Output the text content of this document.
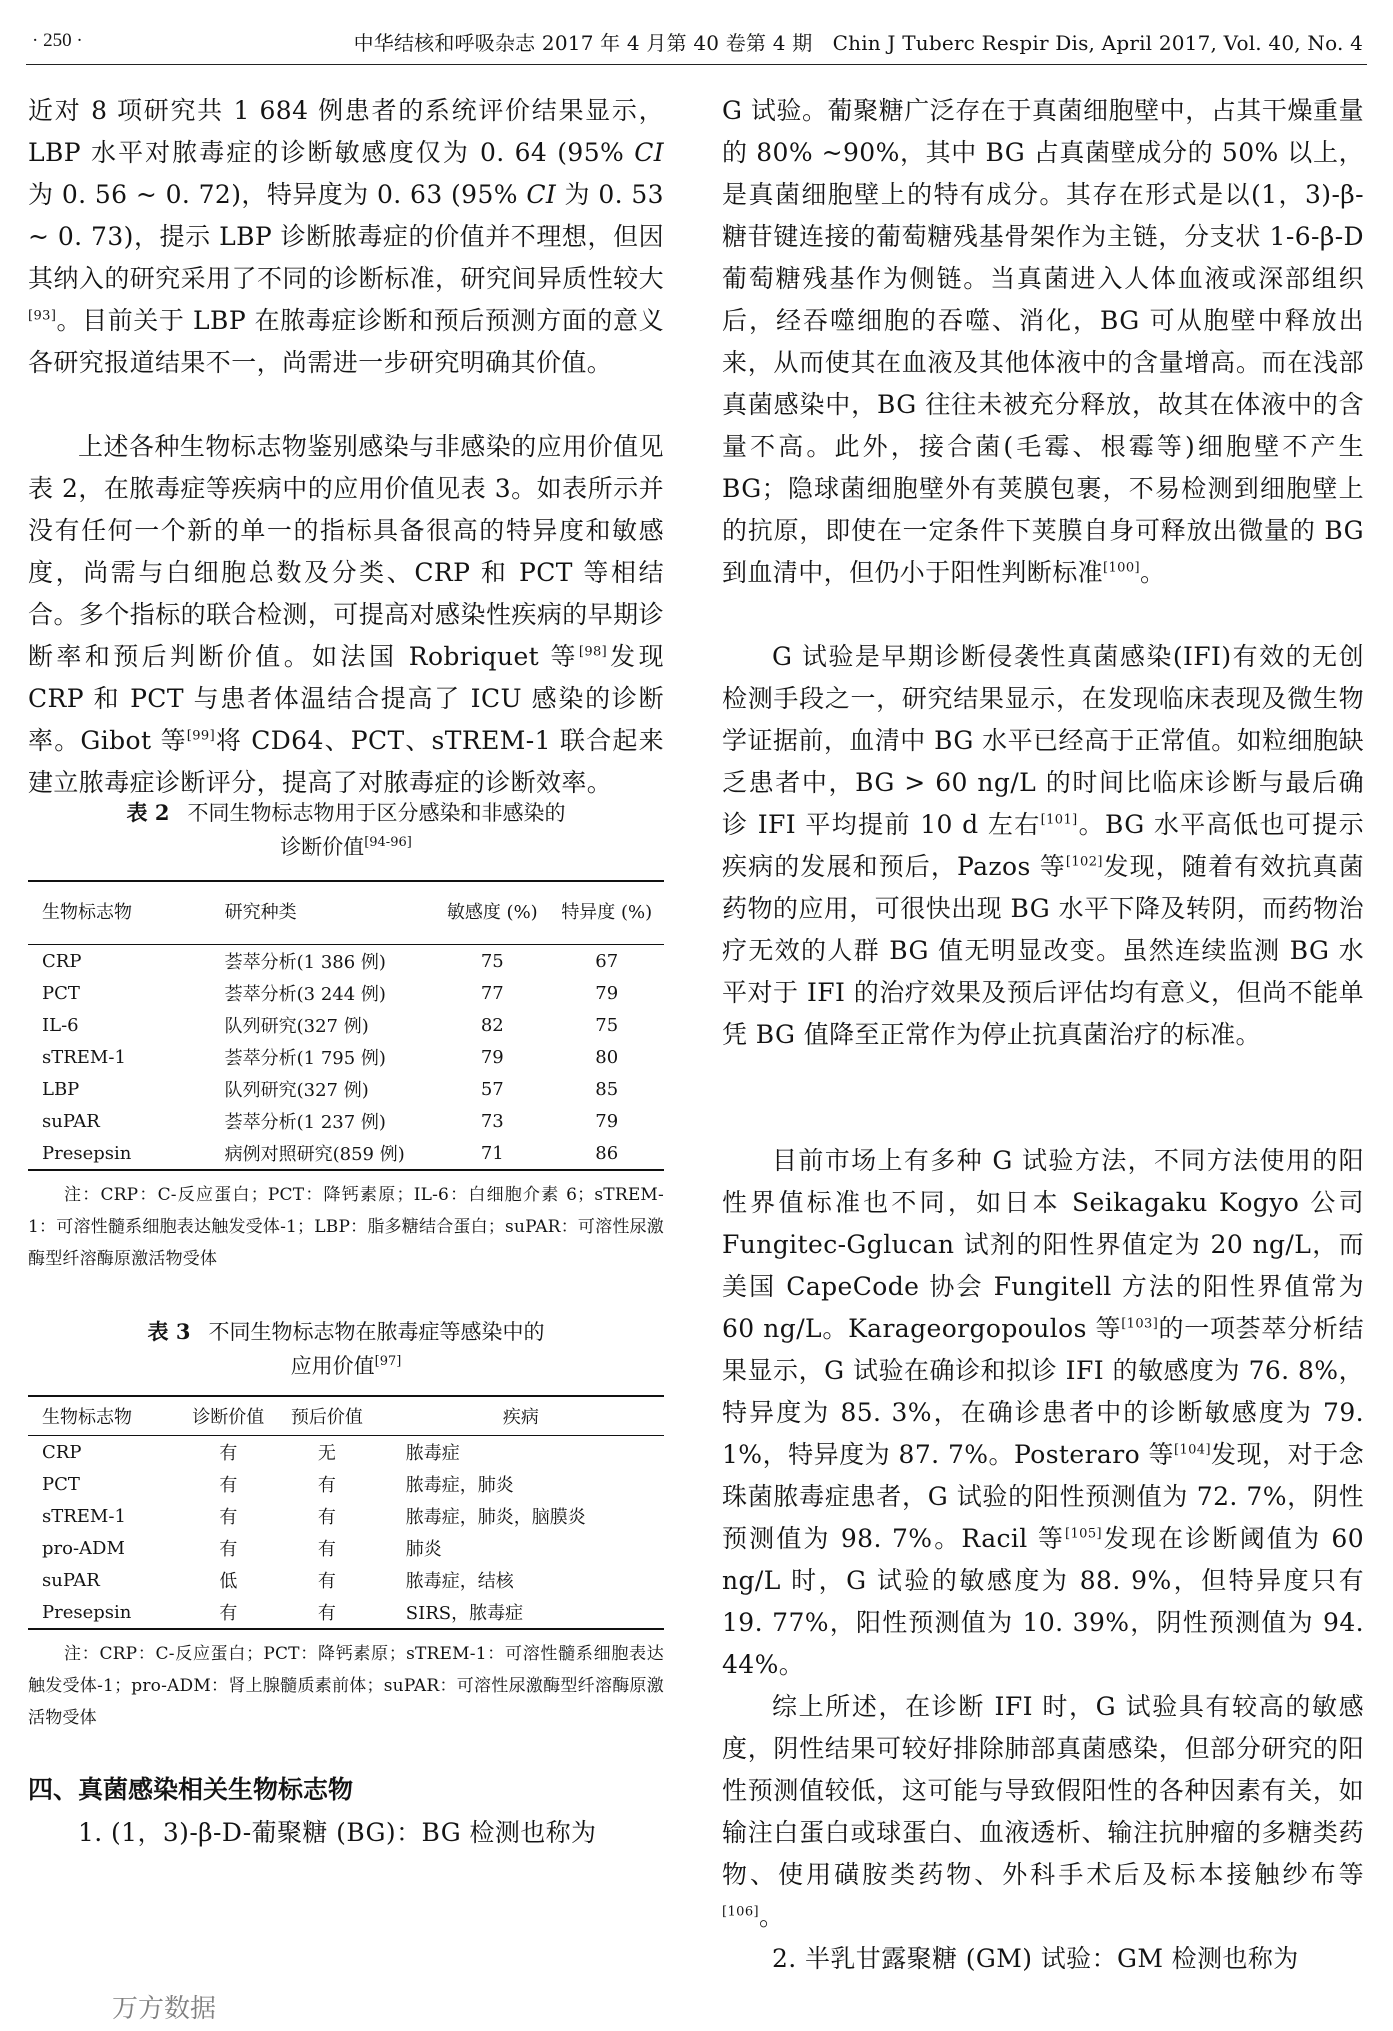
· 250 ·	中华结核和呼吸杂志 2017 年 4 月第 40 卷第 4 期　Chin J Tuberc Respir Dis, April 2017, Vol. 40, No. 4

近对 8 项研究共 1 684 例患者的系统评价结果显示，LBP 水平对脓毒症的诊断敏感度仅为 0. 64 (95% CI 为 0. 56 ~ 0. 72)，特异度为 0. 63 (95% CI 为 0. 53 ~ 0. 73)，提示 LBP 诊断脓毒症的价值并不理想，但因其纳入的研究采用了不同的诊断标准，研究间异质性较大[93]。目前关于 LBP 在脓毒症诊断和预后预测方面的意义各研究报道结果不一，尚需进一步研究明确其价值。

上述各种生物标志物鉴别感染与非感染的应用价值见表 2，在脓毒症等疾病中的应用价值见表 3。如表所示并没有任何一个新的单一的指标具备很高的特异度和敏感度，尚需与白细胞总数及分类、CRP 和 PCT 等相结合。多个指标的联合检测，可提高对感染性疾病的早期诊断率和预后判断价值。如法国 Robriquet 等[98]发现 CRP 和 PCT 与患者体温结合提高了 ICU 感染的诊断率。Gibot 等[99]将 CD64、PCT、sTREM-1 联合起来建立脓毒症诊断评分，提高了对脓毒症的诊断效率。

表 2 不同生物标志物用于区分感染和非感染的
诊断价值[94-96]

生物标志物	研究种类	敏感度 (%)	特异度 (%)
CRP	荟萃分析(1 386 例)	75	67
PCT	荟萃分析(3 244 例)	77	79
IL-6	队列研究(327 例)	82	75
sTREM-1	荟萃分析(1 795 例)	79	80
LBP	队列研究(327 例)	57	85
suPAR	荟萃分析(1 237 例)	73	79
Presepsin	病例对照研究(859 例)	71	86

注：CRP：C-反应蛋白；PCT：降钙素原；IL-6：白细胞介素 6；sTREM-1：可溶性髓系细胞表达触发受体-1；LBP：脂多糖结合蛋白；suPAR：可溶性尿激酶型纤溶酶原激活物受体

表 3 不同生物标志物在脓毒症等感染中的
应用价值[97]

生物标志物	诊断价值	预后价值	疾病
CRP	有	无	脓毒症
PCT	有	有	脓毒症，肺炎
sTREM-1	有	有	脓毒症，肺炎，脑膜炎
pro-ADM	有	有	肺炎
suPAR	低	有	脓毒症，结核
Presepsin	有	有	SIRS，脓毒症

注：CRP：C-反应蛋白；PCT：降钙素原；sTREM-1：可溶性髓系细胞表达触发受体-1；pro-ADM：肾上腺髓质素前体；suPAR：可溶性尿激酶型纤溶酶原激活物受体

四、真菌感染相关生物标志物

1. (1，3)-β-D-葡聚糖 (BG)：BG 检测也称为

万方数据

G 试验。葡聚糖广泛存在于真菌细胞壁中，占其干燥重量的 80% ~90%，其中 BG 占真菌壁成分的 50% 以上，是真菌细胞壁上的特有成分。其存在形式是以(1，3)-β-糖苷键连接的葡萄糖残基骨架作为主链，分支状 1-6-β-D 葡萄糖残基作为侧链。当真菌进入人体血液或深部组织后，经吞噬细胞的吞噬、消化，BG 可从胞壁中释放出来，从而使其在血液及其他体液中的含量增高。而在浅部真菌感染中，BG 往往未被充分释放，故其在体液中的含量不高。此外，接合菌(毛霉、根霉等)细胞壁不产生 BG；隐球菌细胞壁外有荚膜包裹，不易检测到细胞壁上的抗原，即使在一定条件下荚膜自身可释放出微量的 BG 到血清中，但仍小于阳性判断标准[100]。

G 试验是早期诊断侵袭性真菌感染(IFI)有效的无创检测手段之一，研究结果显示，在发现临床表现及微生物学证据前，血清中 BG 水平已经高于正常值。如粒细胞缺乏患者中，BG > 60 ng/L 的时间比临床诊断与最后确诊 IFI 平均提前 10 d 左右[101]。BG 水平高低也可提示疾病的发展和预后，Pazos 等[102]发现，随着有效抗真菌药物的应用，可很快出现 BG 水平下降及转阴，而药物治疗无效的人群 BG 值无明显改变。虽然连续监测 BG 水平对于 IFI 的治疗效果及预后评估均有意义，但尚不能单凭 BG 值降至正常作为停止抗真菌治疗的标准。

目前市场上有多种 G 试验方法，不同方法使用的阳性界值标准也不同，如日本 Seikagaku Kogyo 公司 Fungitec-Gglucan 试剂的阳性界值定为 20 ng/L，而美国 CapeCode 协会 Fungitell 方法的阳性界值常为 60 ng/L。Karageorgopoulos 等[103]的一项荟萃分析结果显示，G 试验在确诊和拟诊 IFI 的敏感度为 76. 8%，特异度为 85. 3%，在确诊患者中的诊断敏感度为 79. 1%，特异度为 87. 7%。Posteraro 等[104]发现，对于念珠菌脓毒症患者，G 试验的阳性预测值为 72. 7%，阴性预测值为 98. 7%。Racil 等[105]发现在诊断阈值为 60 ng/L 时，G 试验的敏感度为 88. 9%，但特异度只有 19. 77%，阳性预测值为 10. 39%，阴性预测值为 94. 44%。

综上所述，在诊断 IFI 时，G 试验具有较高的敏感度，阴性结果可较好排除肺部真菌感染，但部分研究的阳性预测值较低，这可能与导致假阳性的各种因素有关，如输注白蛋白或球蛋白、血液透析、输注抗肿瘤的多糖类药物、使用磺胺类药物、外科手术后及标本接触纱布等[106]。

2. 半乳甘露聚糖 (GM) 试验：GM 检测也称为
